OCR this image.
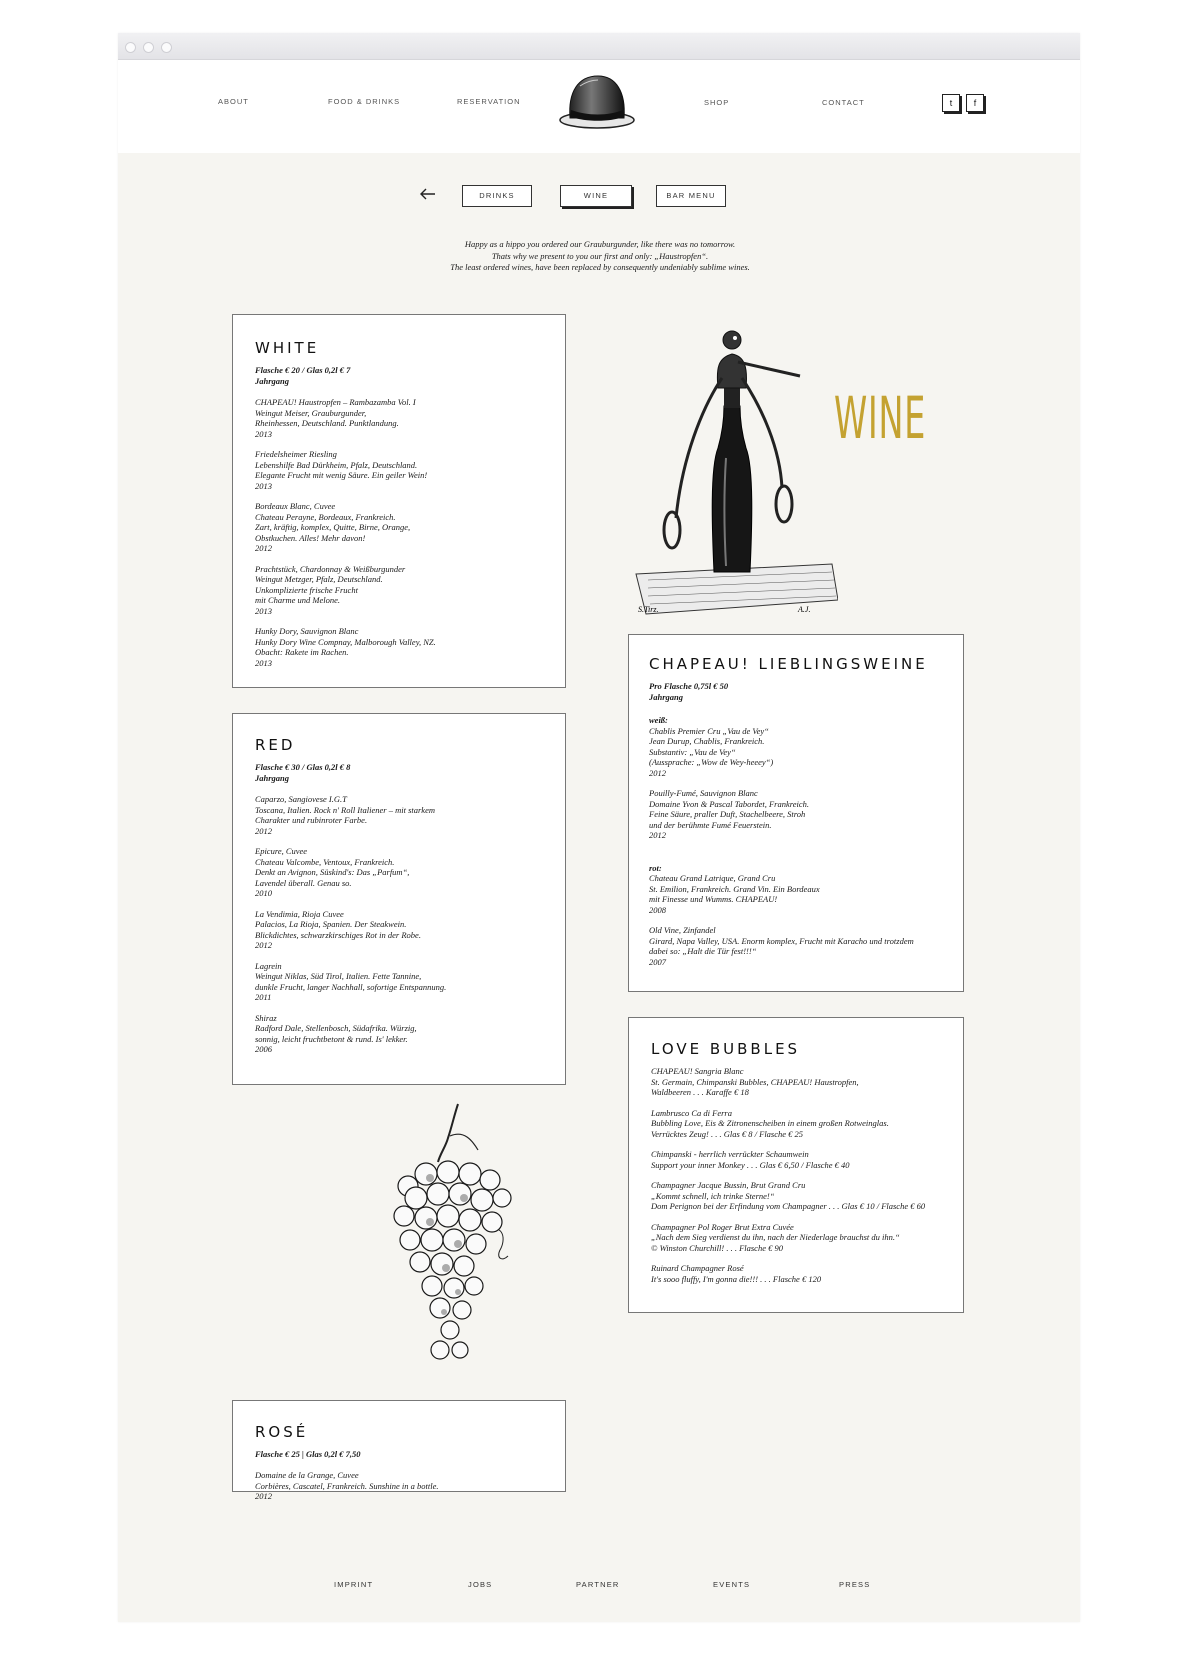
ABOUT	FOOD & DRINKS	RESERVATION	SHOP	CONTACT	t	f
DRINKS	WINE	BAR MENU

Happy as a hippo you ordered our Grauburgunder, like there was no tomorrow.

Thats why we present to you our first and only: „Haustropfen“.

The least ordered wines, have been replaced by consequently undeniably sublime wines.

WHITE

Flasche € 20 / Glas 0,2l € 7

Jahrgang

CHAPEAU! Haustropfen – Rambazamba Vol. I

Weingut Meiser, Grauburgunder,

Rheinhessen, Deutschland. Punktlandung.

2013

Friedelsheimer Riesling

Lebenshilfe Bad Dürkheim, Pfalz, Deutschland.

Elegante Frucht mit wenig Säure. Ein geiler Wein!

2013

Bordeaux Blanc, Cuvee

Chateau Perayne, Bordeaux, Frankreich.

Zart, kräftig, komplex, Quitte, Birne, Orange,

Obstkuchen. Alles! Mehr davon!

2012

Prachtstück, Chardonnay & Weißburgunder

Weingut Metzger, Pfalz, Deutschland.

Unkomplizierte frische Frucht

mit Charme und Melone.

2013

Hunky Dory, Sauvignon Blanc

Hunky Dory Wine Compnay, Malborough Valley, NZ.

Obacht: Rakete im Rachen.

2013

RED

Flasche € 30 / Glas 0,2l € 8

Jahrgang

Caparzo, Sangiovese I.G.T

Toscana, Italien. Rock n' Roll Italiener – mit starkem

Charakter und rubinroter Farbe.

2012

Epicure, Cuvee

Chateau Valcombe, Ventoux, Frankreich.

Denkt an Avignon, Süskind's: Das „Parfum“,

Lavendel überall. Genau so.

2010

La Vendimia, Rioja Cuvee

Palacios, La Rioja, Spanien. Der Steakwein.

Blickdichtes, schwarzkirschiges Rot in der Robe.

2012

Lagrein

Weingut Niklas, Süd Tirol, Italien. Fette Tannine,

dunkle Frucht, langer Nachhall, sofortige Entspannung.

2011

Shiraz

Radford Dale, Stellenbosch, Südafrika. Würzig,

sonnig, leicht fruchtbetont & rund. Is' lekker.

2006

ROSÉ

Flasche € 25 | Glas 0,2l € 7,50

Domaine de la Grange, Cuvee

Corbières, Cascatel, Frankreich. Sunshine in a bottle.

2012

S.Tirz.	A.J.
WINE
CHAPEAU! LIEBLINGSWEINE

Pro Flasche 0,75l € 50

Jahrgang

weiß:

Chablis Premier Cru „Vau de Vey“

Jean Durup, Chablis, Frankreich.

Substantiv: „Vau de Vey“

(Aussprache: „Wow de Wey-heeey“)

2012

Pouilly-Fumé, Sauvignon Blanc

Domaine Yvon & Pascal Tabordet, Frankreich.

Feine Säure, praller Duft, Stachelbeere, Stroh

und der berühmte Fumé Feuerstein.

2012

rot:

Chateau Grand Latrique, Grand Cru

St. Emilion, Frankreich. Grand Vin. Ein Bordeaux

mit Finesse und Wumms. CHAPEAU!

2008

Old Vine, Zinfandel

Girard, Napa Valley, USA. Enorm komplex, Frucht mit Karacho und trotzdem

dabei so: „Halt die Tür fest!!!“

2007

LOVE BUBBLES

CHAPEAU! Sangria Blanc

St. Germain, Chimpanski Bubbles, CHAPEAU! Haustropfen,

Waldbeeren . . . Karaffe € 18

Lambrusco Ca di Ferra

Bubbling Love, Eis & Zitronenscheiben in einem großen Rotweinglas.

Verrücktes Zeug! . . . Glas € 8 / Flasche € 25

Chimpanski - herrlich verrückter Schaumwein

Support your inner Monkey . . . Glas € 6,50 / Flasche € 40

Champagner Jacque Bussin, Brut Grand Cru

„Kommt schnell, ich trinke Sterne!“

Dom Perignon bei der Erfindung vom Champagner . . . Glas € 10 / Flasche € 60

Champagner Pol Roger Brut Extra Cuvée

„Nach dem Sieg verdienst du ihn, nach der Niederlage brauchst du ihn.“

© Winston Churchill! . . . Flasche € 90

Ruinard Champagner Rosé

It's sooo fluffy, I'm gonna die!!! . . . Flasche € 120

IMPRINT	JOBS	PARTNER	EVENTS	PRESS
